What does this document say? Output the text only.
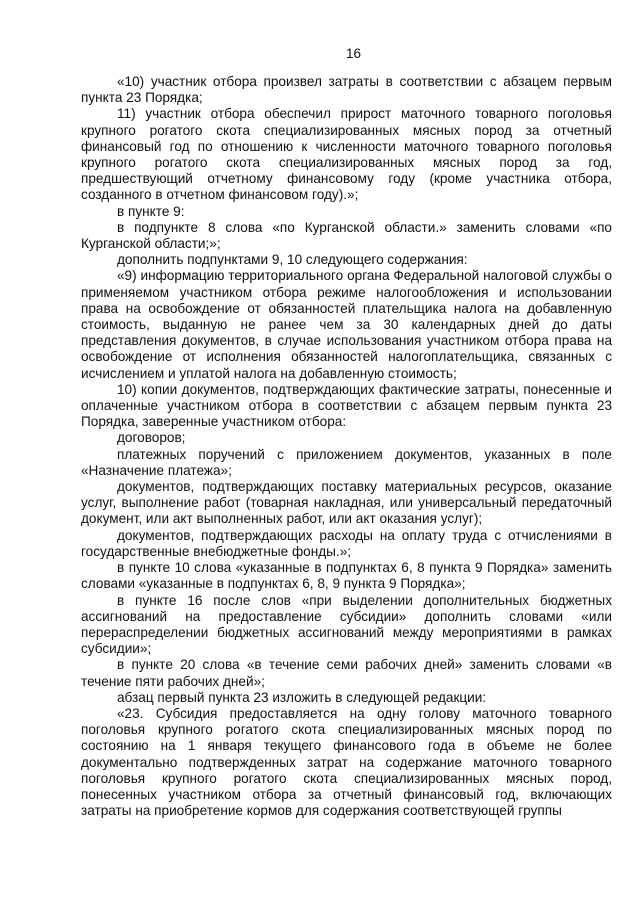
16

«10) участник отбора произвел затраты в соответствии с абзацем первым пункта 23 Порядка;

11) участник отбора обеспечил прирост маточного товарного поголовья крупного рогатого скота специализированных мясных пород за отчетный финансовый год по отношению к численности маточного товарного поголовья крупного рогатого скота специализированных мясных пород за год, предшествующий отчетному финансовому году (кроме участника отбора, созданного в отчетном финансовом году).»;

в пункте 9:

в подпункте 8 слова «по Курганской области.» заменить словами «по Курганской области;»;

дополнить подпунктами 9, 10 следующего содержания:

«9) информацию территориального органа Федеральной налоговой службы о применяемом участником отбора режиме налогообложения и использовании права на освобождение от обязанностей плательщика налога на добавленную стоимость, выданную не ранее чем за 30 календарных дней до даты представления документов, в случае использования участником отбора права на освобождение от исполнения обязанностей налогоплательщика, связанных с исчислением и уплатой налога на добавленную стоимость;

10) копии документов, подтверждающих фактические затраты, понесенные и оплаченные участником отбора в соответствии с абзацем первым пункта 23 Порядка, заверенные участником отбора:

договоров;

платежных поручений с приложением документов, указанных в поле «Назначение платежа»;

документов, подтверждающих поставку материальных ресурсов, оказание услуг, выполнение работ (товарная накладная, или универсальный передаточный документ, или акт выполненных работ, или акт оказания услуг);

документов, подтверждающих расходы на оплату труда с отчислениями в государственные внебюджетные фонды.»;

в пункте 10 слова «указанные в подпунктах 6, 8 пункта 9 Порядка» заменить словами «указанные в подпунктах 6, 8, 9 пункта 9 Порядка»;

в пункте 16 после слов «при выделении дополнительных бюджетных ассигнований на предоставление субсидии» дополнить словами «или перераспределении бюджетных ассигнований между мероприятиями в рамках субсидии»;

в пункте 20 слова «в течение семи рабочих дней» заменить словами «в течение пяти рабочих дней»;

абзац первый пункта 23 изложить в следующей редакции:

«23. Субсидия предоставляется на одну голову маточного товарного поголовья крупного рогатого скота специализированных мясных пород по состоянию на 1 января текущего финансового года в объеме не более документально подтвержденных затрат на содержание маточного товарного поголовья крупного рогатого скота специализированных мясных пород, понесенных участником отбора за отчетный финансовый год, включающих затраты на приобретение кормов для содержания соответствующей группы
